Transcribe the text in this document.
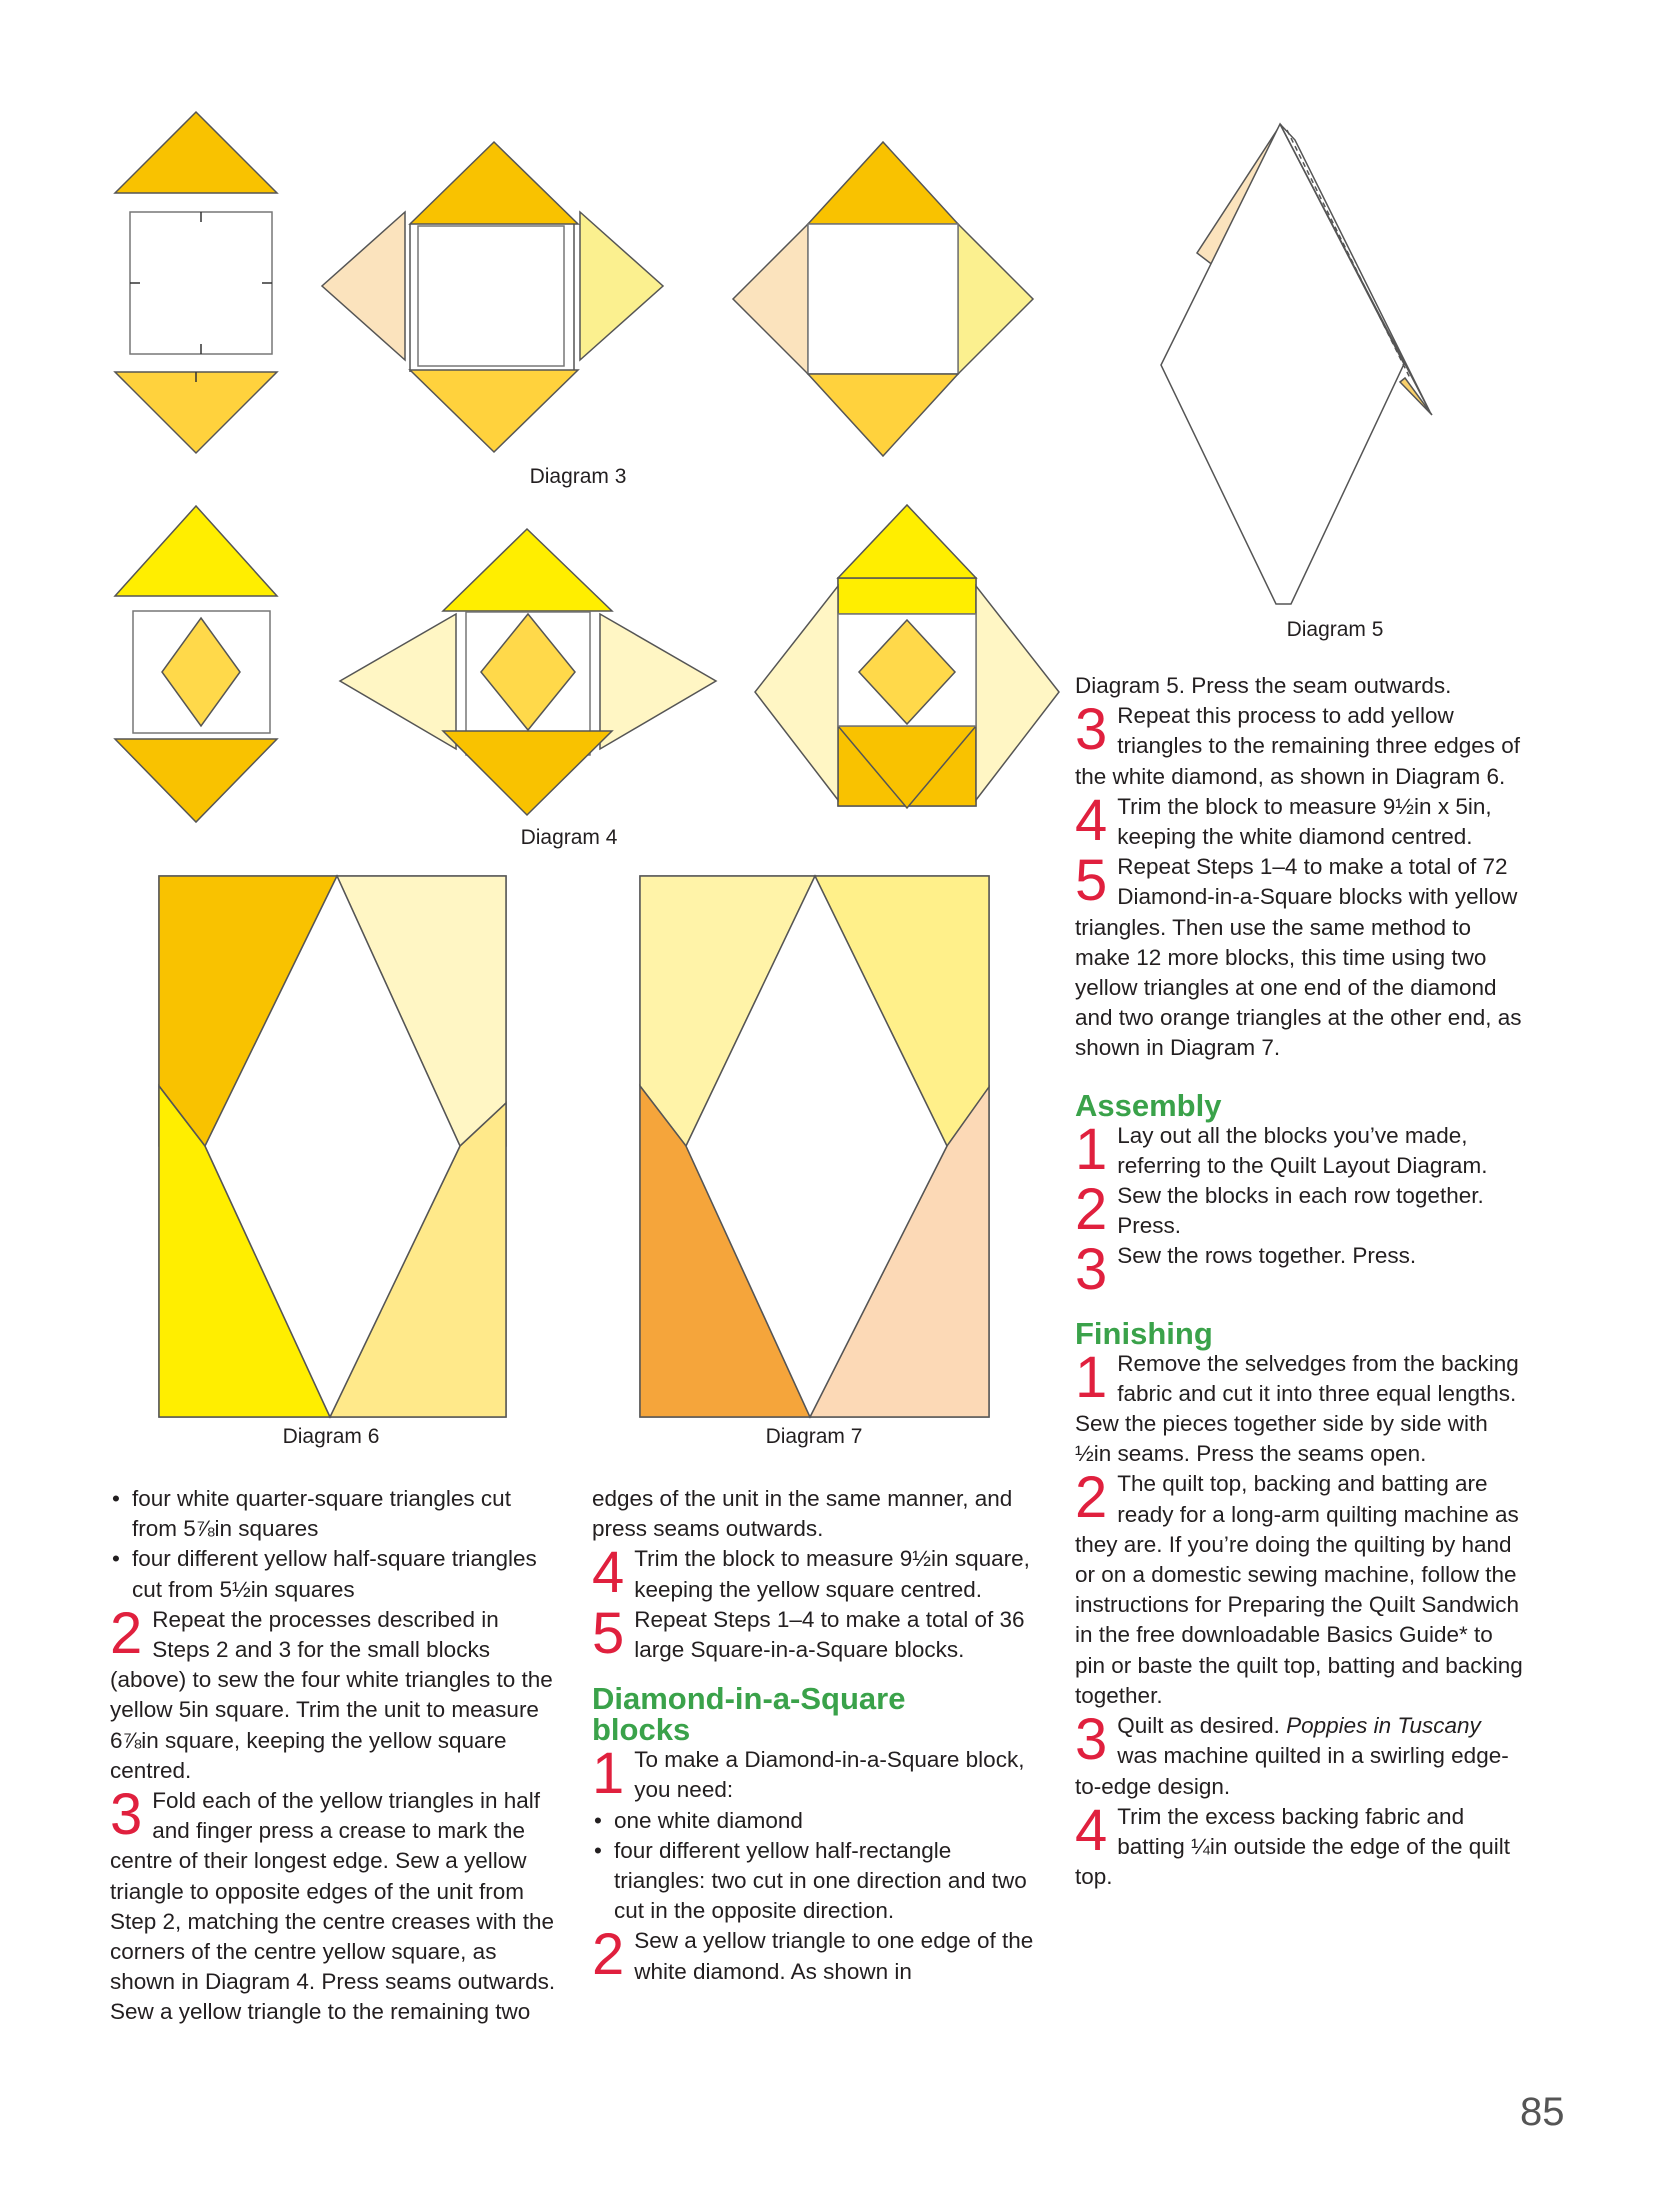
Diagram 3
Diagram 4
Diagram 5
Diagram 6	Diagram 7

• four white quarter-square triangles cut from 5⅞in squares

• four different yellow half-square triangles cut from 5½in squares

2 Repeat the processes described in Steps 2 and 3 for the small blocks (above) to sew the four white triangles to the yellow 5in square. Trim the unit to measure 6⅞in square, keeping the yellow square centred.

3 Fold each of the yellow triangles in half and finger press a crease to mark the centre of their longest edge. Sew a yellow triangle to opposite edges of the unit from Step 2, matching the centre creases with the corners of the centre yellow square, as shown in Diagram 4. Press seams outwards. Sew a yellow triangle to the remaining two

edges of the unit in the same manner, and press seams outwards.

4 Trim the block to measure 9½in square, keeping the yellow square centred.

5 Repeat Steps 1–4 to make a total of 36 large Square-in-a-Square blocks.

Diamond-in-a-Square blocks

1 To make a Diamond-in-a-Square block, you need:

• one white diamond

• four different yellow half-rectangle triangles: two cut in one direction and two cut in the opposite direction.

2 Sew a yellow triangle to one edge of the white diamond. As shown in

Diagram 5. Press the seam outwards.

3 Repeat this process to add yellow triangles to the remaining three edges of the white diamond, as shown in Diagram 6.

4 Trim the block to measure 9½in x 5in, keeping the white diamond centred.

5 Repeat Steps 1–4 to make a total of 72 Diamond-in-a-Square blocks with yellow triangles. Then use the same method to make 12 more blocks, this time using two yellow triangles at one end of the diamond and two orange triangles at the other end, as shown in Diagram 7.

Assembly

1 Lay out all the blocks you’ve made, referring to the Quilt Layout Diagram.

2 Sew the blocks in each row together. Press.

3 Sew the rows together. Press.

Finishing

1 Remove the selvedges from the backing fabric and cut it into three equal lengths. Sew the pieces together side by side with ½in seams. Press the seams open.

2 The quilt top, backing and batting are ready for a long-arm quilting machine as they are. If you’re doing the quilting by hand or on a domestic sewing machine, follow the instructions for Preparing the Quilt Sandwich in the free downloadable Basics Guide* to pin or baste the quilt top, batting and backing together.

3 Quilt as desired. Poppies in Tuscany was machine quilted in a swirling edge-to-edge design.

4 Trim the excess backing fabric and batting ¼in outside the edge of the quilt top.

85
